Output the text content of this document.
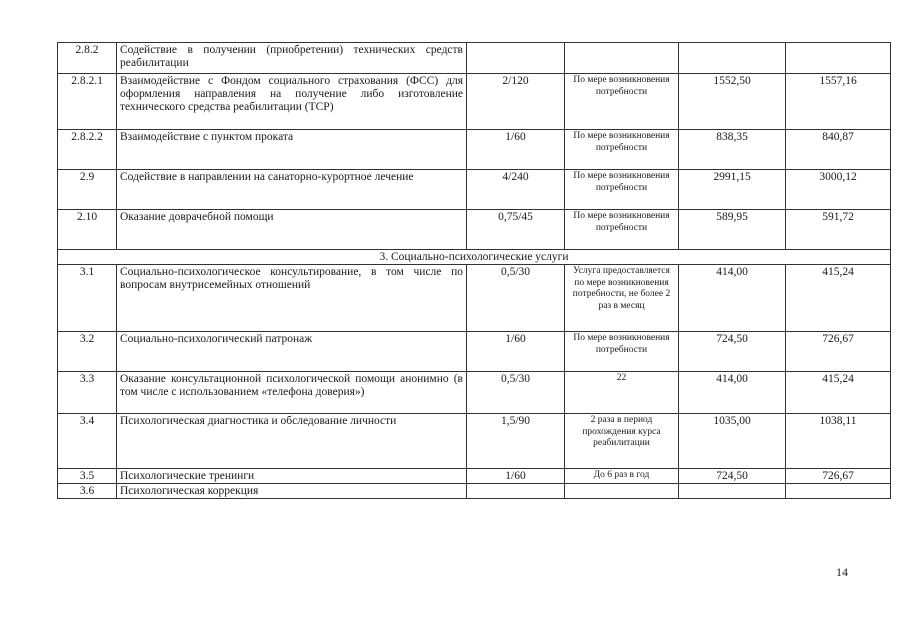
2.8.2	Содействие в получении (приобретении) технических средств реабилитации				
2.8.2.1	Взаимодействие с Фондом социального страхования (ФСС) для оформления направления на получение либо изготовление технического средства реабилитации (ТСР)	2/120	По мере возникновения потребности	1552,50	1557,16
2.8.2.2	Взаимодействие с пунктом проката	1/60	По мере возникновения потребности	838,35	840,87
2.9	Содействие в направлении на санаторно-курортное лечение	4/240	По мере возникновения потребности	2991,15	3000,12
2.10	Оказание доврачебной помощи	0,75/45	По мере возникновения потребности	589,95	591,72
3. Социально-психологические услуги					
3.1	Социально-психологическое консультирование, в том числе по вопросам внутрисемейных отношений	0,5/30	Услуга предоставляется по мере возникновения потребности, не более 2 раз в месяц	414,00	415,24
3.2	Социально-психологический патронаж	1/60	По мере возникновения потребности	724,50	726,67
3.3	Оказание консультационной психологической помощи анонимно (в том числе с использованием «телефона доверия»)	0,5/30	22	414,00	415,24
3.4	Психологическая диагностика и обследование личности	1,5/90	2 раза в период прохождения курса реабилитации	1035,00	1038,11
3.5	Психологические тренинги	1/60	До 6 раз в год	724,50	726,67
3.6	Психологическая коррекция				
14
